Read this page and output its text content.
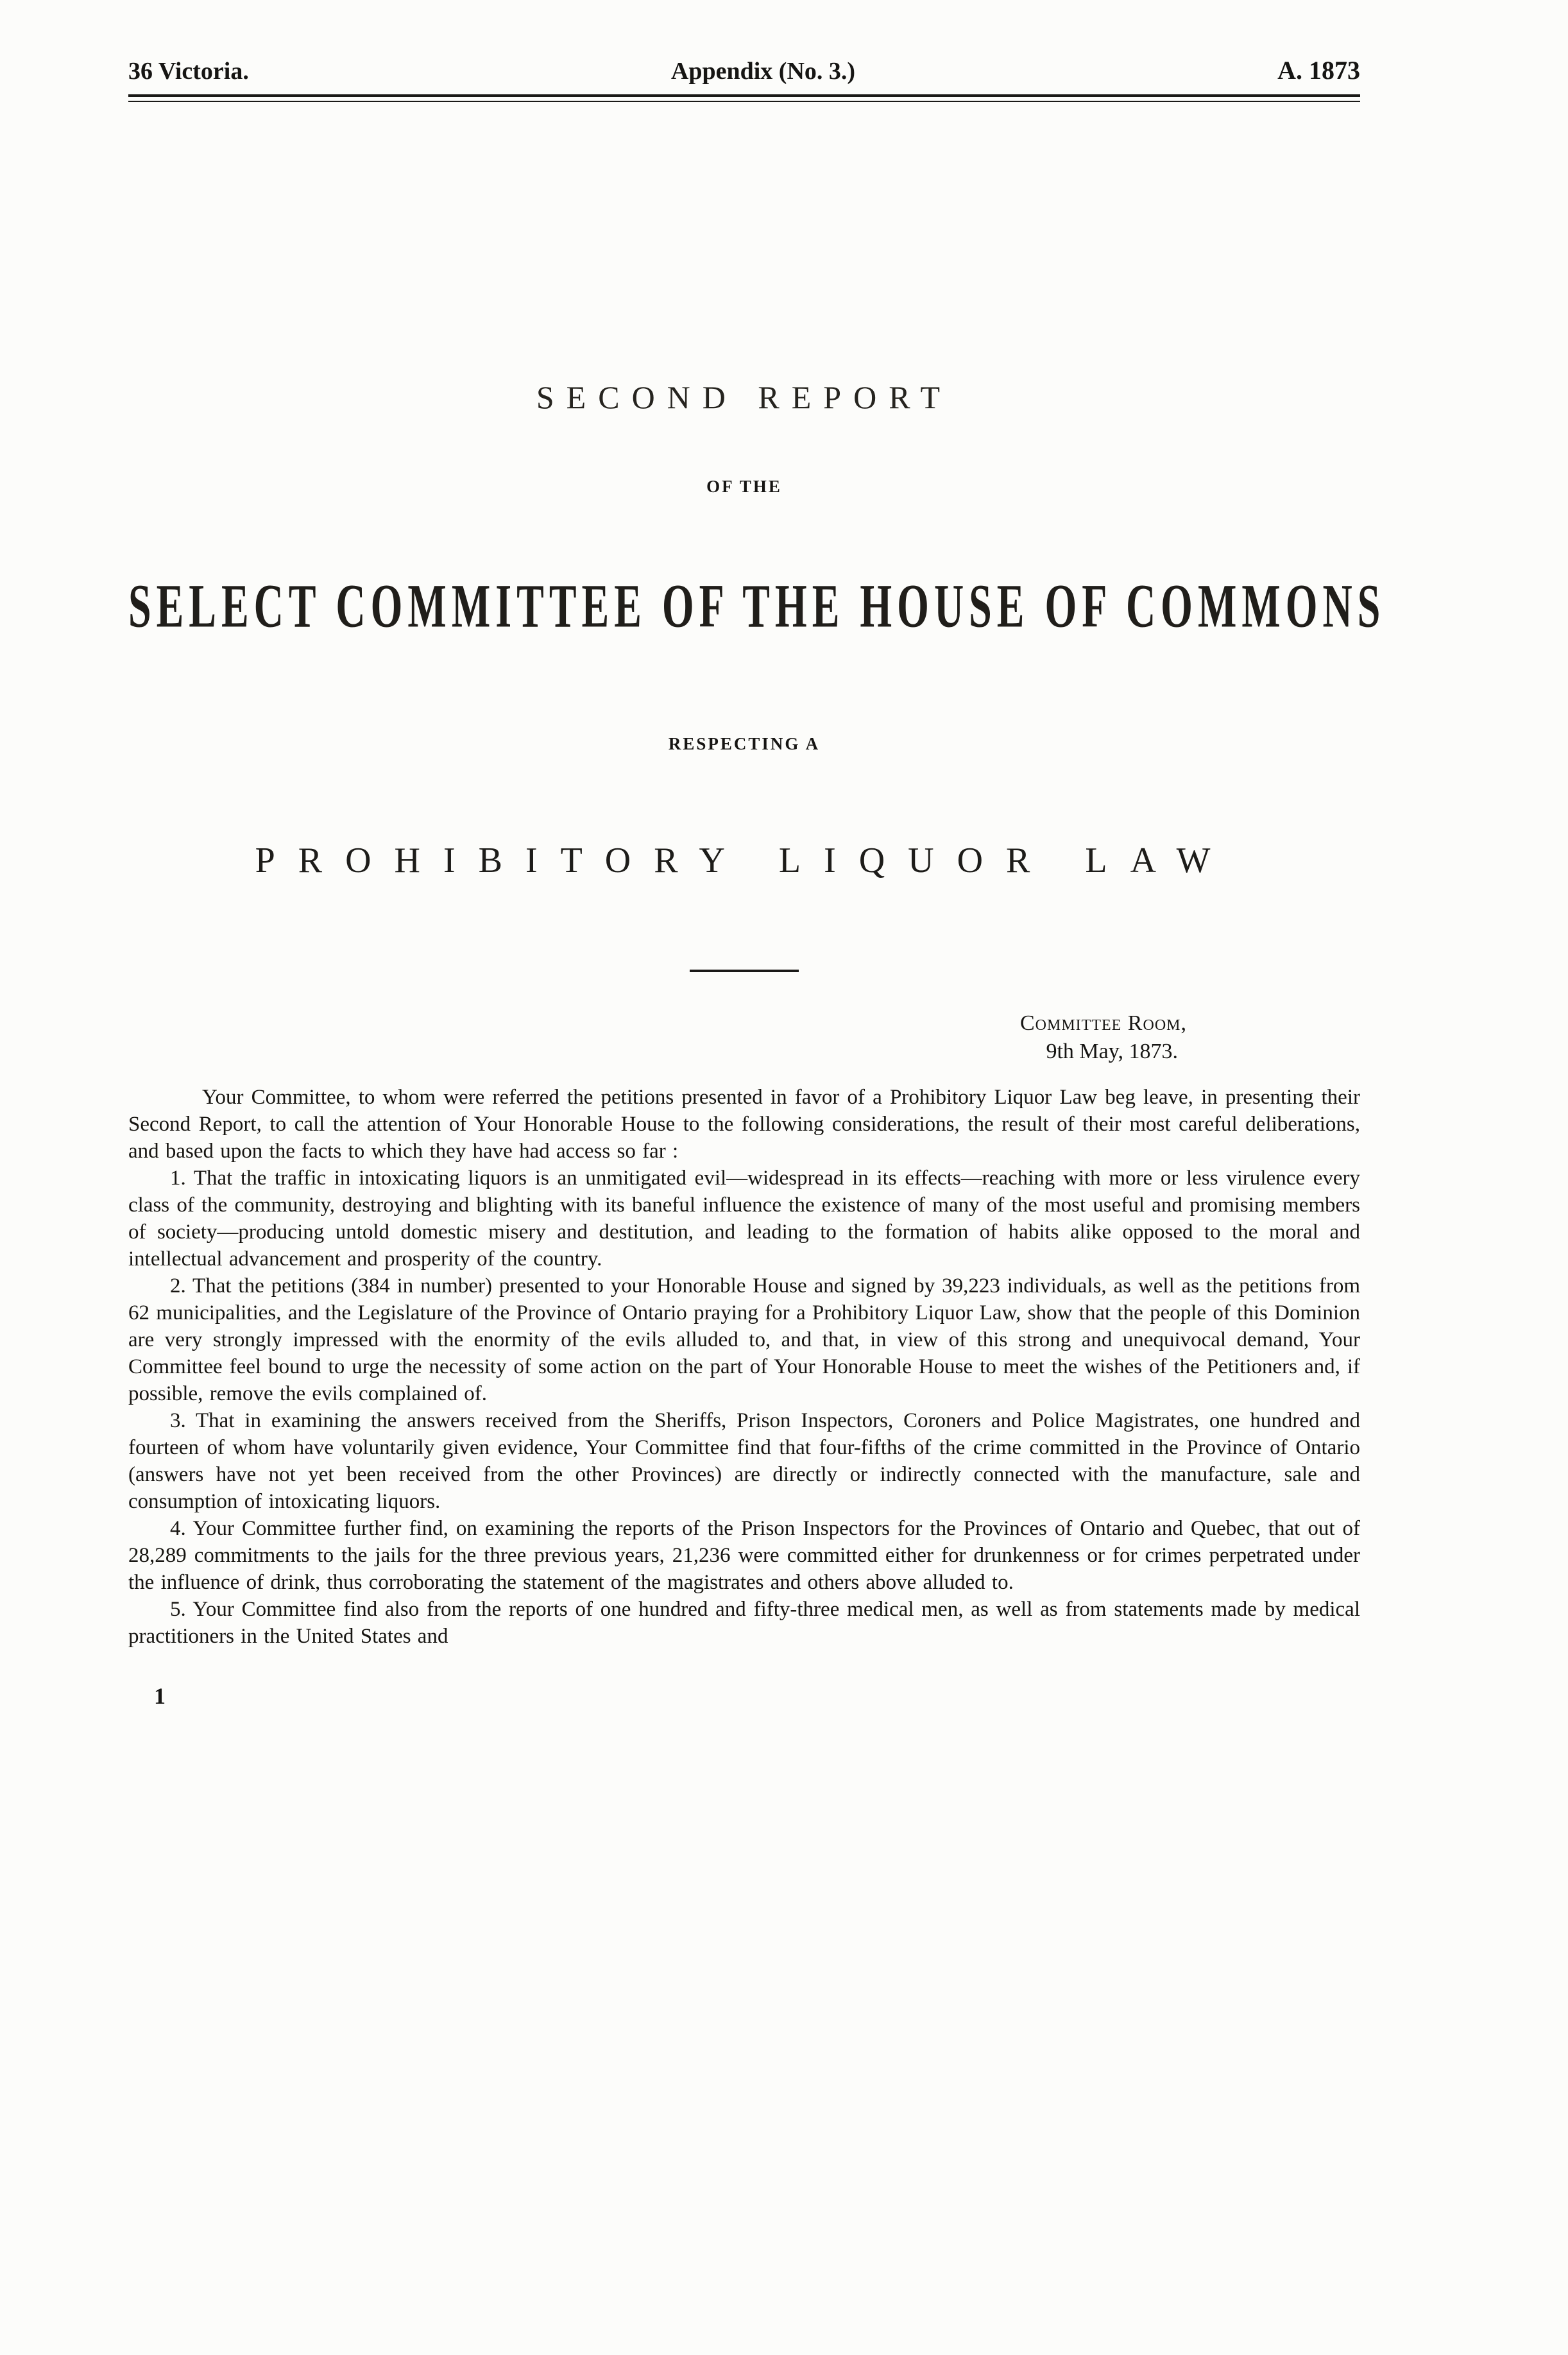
36 Victoria.	Appendix (No. 3.)	A. 1873
SECOND REPORT
OF THE
SELECT COMMITTEE OF THE HOUSE OF COMMONS
RESPECTING A
PROHIBITORY LIQUOR LAW
Committee Room,
9th May, 1873.

Your Committee, to whom were referred the petitions presented in favor of a Prohibitory Liquor Law beg leave, in presenting their Second Report, to call the attention of Your Honorable House to the following considerations, the result of their most careful deliberations, and based upon the facts to which they have had access so far :

1. That the traffic in intoxicating liquors is an unmitigated evil—widespread in its effects—reaching with more or less virulence every class of the community, destroying and blighting with its baneful influence the existence of many of the most useful and promising members of society—producing untold domestic misery and destitution, and leading to the formation of habits alike opposed to the moral and intellectual advancement and prosperity of the country.

2. That the petitions (384 in number) presented to your Honorable House and signed by 39,223 individuals, as well as the petitions from 62 municipalities, and the Legislature of the Province of Ontario praying for a Prohibitory Liquor Law, show that the people of this Dominion are very strongly impressed with the enormity of the evils alluded to, and that, in view of this strong and unequivocal demand, Your Committee feel bound to urge the necessity of some action on the part of Your Honorable House to meet the wishes of the Petitioners and, if possible, remove the evils complained of.

3. That in examining the answers received from the Sheriffs, Prison Inspectors, Coroners and Police Magistrates, one hundred and fourteen of whom have voluntarily given evidence, Your Committee find that four-fifths of the crime committed in the Province of Ontario (answers have not yet been received from the other Provinces) are directly or indirectly connected with the manufacture, sale and consumption of intoxicating liquors.

4. Your Committee further find, on examining the reports of the Prison Inspectors for the Provinces of Ontario and Quebec, that out of 28,289 commitments to the jails for the three previous years, 21,236 were committed either for drunkenness or for crimes perpetrated under the influence of drink, thus corroborating the statement of the magistrates and others above alluded to.

5. Your Committee find also from the reports of one hundred and fifty-three medical men, as well as from statements made by medical practitioners in the United States and

1
